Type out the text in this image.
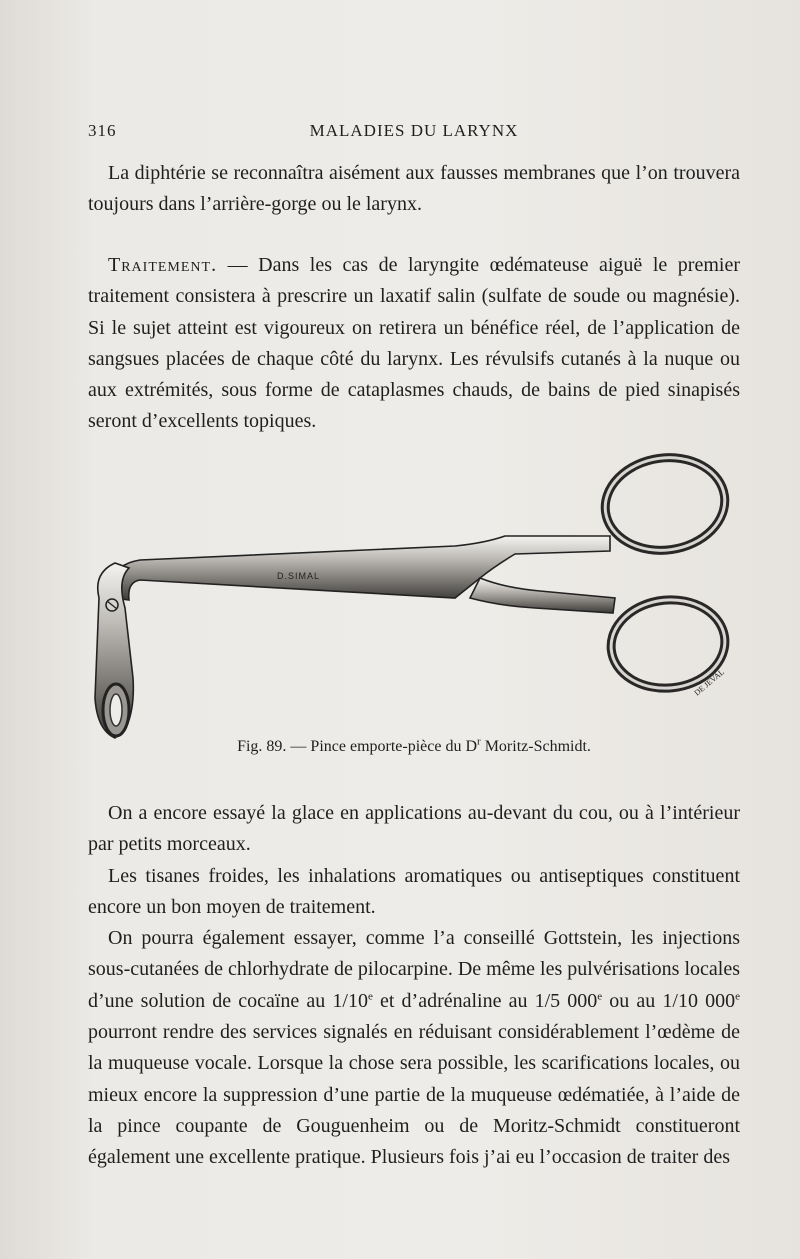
316	MALADIES DU LARYNX

La diphtérie se reconnaîtra aisément aux fausses membranes que l’on trouvera toujours dans l’arrière-gorge ou le larynx.

Traitement. — Dans les cas de laryngite œdémateuse aiguë le premier traitement consistera à prescrire un laxatif salin (sulfate de soude ou magnésie). Si le sujet atteint est vigoureux on retirera un bénéfice réel, de l’application de sangsues placées de chaque côté du larynx. Les révulsifs cutanés à la nuque ou aux extrémités, sous forme de cataplasmes chauds, de bains de pied sinapisés seront d’excellents topiques.

D.SIMAL
DE JEVAL
Fig. 89. — Pince emporte-pièce du $D^r$ Moritz-Schmidt.

On a encore essayé la glace en applications au-devant du cou, ou à l’intérieur par petits morceaux.

Les tisanes froides, les inhalations aromatiques ou antiseptiques constituent encore un bon moyen de traitement.

On pourra également essayer, comme l’a conseillé Gottstein, les injections sous-cutanées de chlorhydrate de pilocarpine. De même les pulvérisations locales d’une solution de cocaïne au 1/10e et d’adrénaline au 1/5 000e ou au 1/10 000e pourront rendre des services signalés en réduisant considérablement l’œdème de la muqueuse vocale. Lorsque la chose sera possible, les scarifications locales, ou mieux encore la suppression d’une partie de la muqueuse œdématiée, à l’aide de la pince coupante de Gouguenheim ou de Moritz-Schmidt constitueront également une excellente pratique. Plusieurs fois j’ai eu l’occasion de traiter des
